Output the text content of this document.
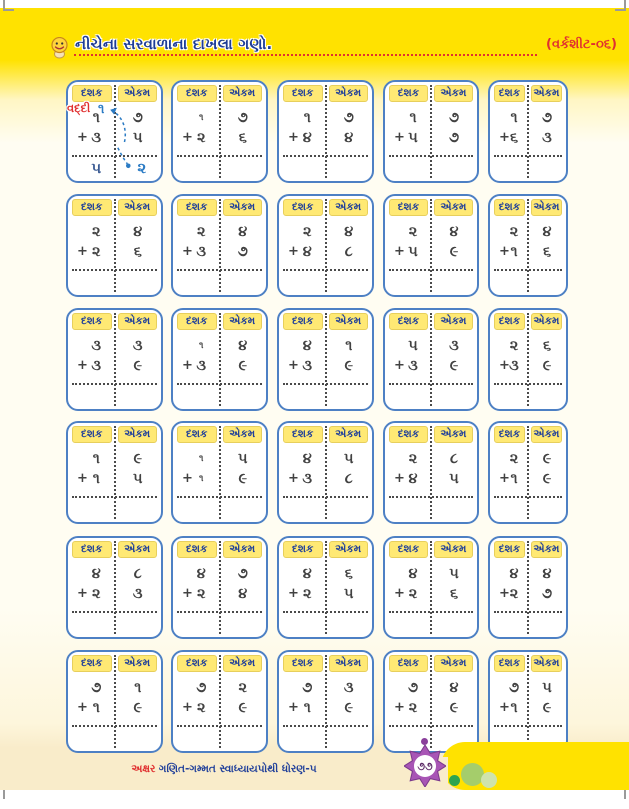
નીચેના સરવાળાના દાખલા ગણો.	(વર્કશીટ-૦૬)
દશક	એકમ
૧	૭
+ ૩	૫
વદ્દી ૧
૫	૨
દશક	એકમ
૧	૭
+ ૨	૬
દશક	એકમ
૧	૭
+ ૪	૪
દશક	એકમ
૧	૭
+ ૫	૭
દશક	એકમ
૧	૭
+ ૬	૩
દશક	એકમ
૨	૪
+ ૨	૬
દશક	એકમ
૨	૪
+ ૩	૭
દશક	એકમ
૨	૪
+ ૪	૮
દશક	એકમ
૨	૪
+ ૫	૯
દશક	એકમ
૨	૪
+ ૧	૬
દશક	એકમ
૩	૩
+ ૩	૯
દશક	એકમ
૧	૪
+ ૩	૯
દશક	એકમ
૪	૧
+ ૩	૯
દશક	એકમ
૫	૩
+ ૩	૯
દશક	એકમ
૨	૬
+ ૩	૯
દશક	એકમ
૧	૯
+ ૧	૫
દશક	એકમ
૧	૫
+ ૧	૯
દશક	એકમ
૪	૫
+ ૩	૮
દશક	એકમ
૨	૮
+ ૪	૫
દશક	એકમ
૨	૯
+ ૧	૯
દશક	એકમ
૪	૮
+ ૨	૩
દશક	એકમ
૪	૭
+ ૨	૪
દશક	એકમ
૪	૬
+ ૨	૫
દશક	એકમ
૪	૫
+ ૨	૬
દશક	એકમ
૪	૪
+ ૨	૭
દશક	એકમ
૭	૧
+ ૧	૯
દશક	એકમ
૭	૨
+ ૨	૯
દશક	એકમ
૭	૩
+ ૧	૯
દશક	એકમ
૭	૪
+ ૨	૯
દશક	એકમ
૭	૫
+ ૧	૯
અક્ષર ગણિત-ગમ્મત સ્વાધ્યાયપોથી ધોરણ-૫	૭૭
